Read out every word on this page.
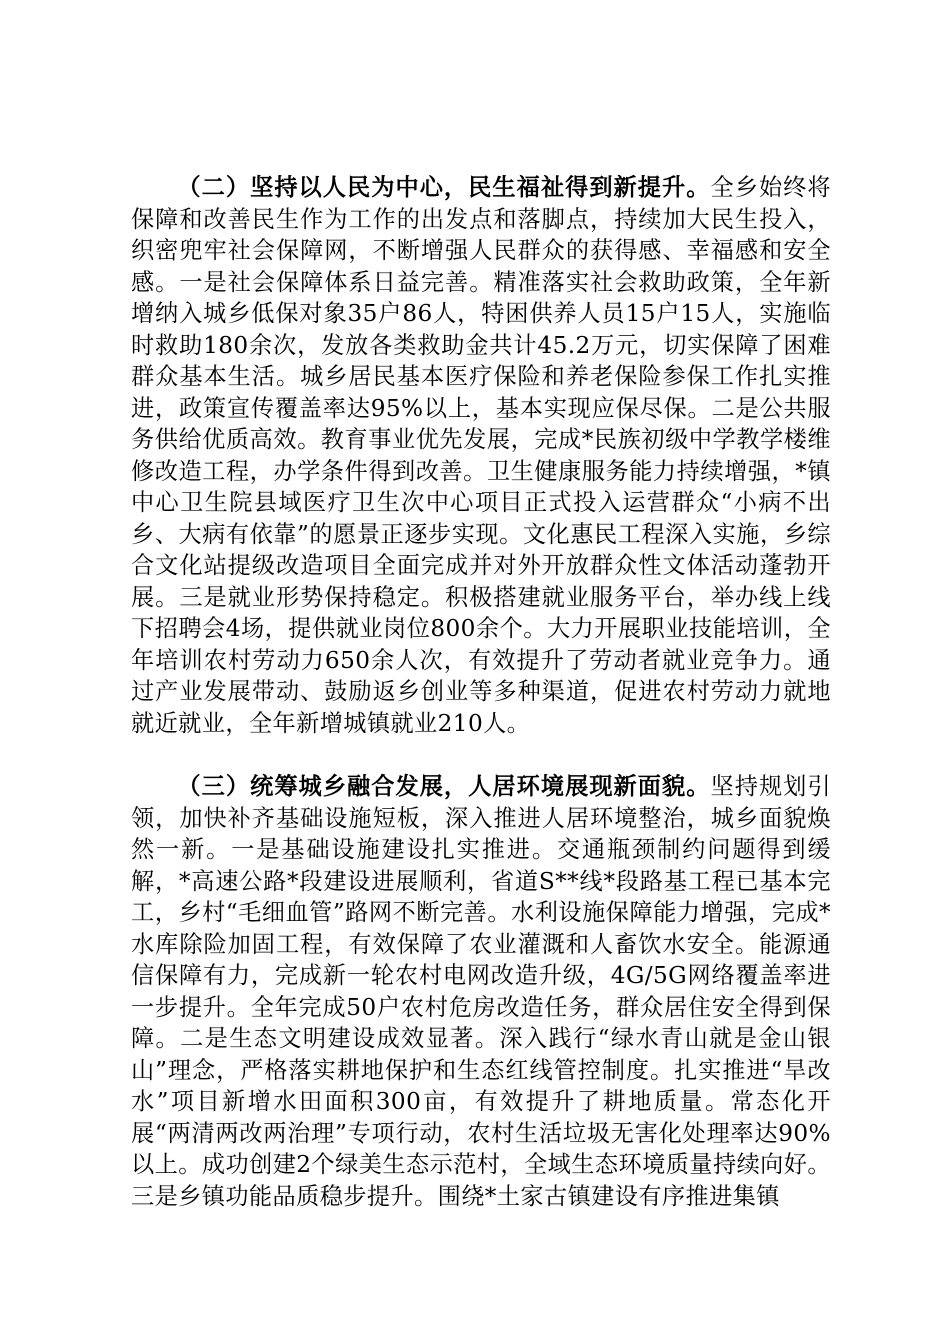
（二）坚持以人民为中心，民生福祉得到新提升。全乡始终将保障和改善民生作为工作的出发点和落脚点，持续加大民生投入，织密兜牢社会保障网，不断增强人民群众的获得感、幸福感和安全感。一是社会保障体系日益完善。精准落实社会救助政策，全年新增纳入城乡低保对象35户86人，特困供养人员15户15人，实施临时救助180余次，发放各类救助金共计45.2万元，切实保障了困难群众基本生活。城乡居民基本医疗保险和养老保险参保工作扎实推进，政策宣传覆盖率达95%以上，基本实现应保尽保。二是公共服务供给优质高效。教育事业优先发展，完成*民族初级中学教学楼维修改造工程，办学条件得到改善。卫生健康服务能力持续增强，*镇中心卫生院县域医疗卫生次中心项目正式投入运营群众“小病不出乡、大病有依靠”的愿景正逐步实现。文化惠民工程深入实施，乡综合文化站提级改造项目全面完成并对外开放群众性文体活动蓬勃开展。三是就业形势保持稳定。积极搭建就业服务平台，举办线上线下招聘会4场，提供就业岗位800余个。大力开展职业技能培训，全年培训农村劳动力650余人次，有效提升了劳动者就业竞争力。通过产业发展带动、鼓励返乡创业等多种渠道，促进农村劳动力就地就近就业，全年新增城镇就业210人。

（三）统筹城乡融合发展，人居环境展现新面貌。坚持规划引领，加快补齐基础设施短板，深入推进人居环境整治，城乡面貌焕然一新。一是基础设施建设扎实推进。交通瓶颈制约问题得到缓解，*高速公路*段建设进展顺利，省道S**线*段路基工程已基本完工，乡村“毛细血管”路网不断完善。水利设施保障能力增强，完成*水库除险加固工程，有效保障了农业灌溉和人畜饮水安全。能源通信保障有力，完成新一轮农村电网改造升级，4G/5G网络覆盖率进一步提升。全年完成50户农村危房改造任务，群众居住安全得到保障。二是生态文明建设成效显著。深入践行“绿水青山就是金山银山”理念，严格落实耕地保护和生态红线管控制度。扎实推进“旱改水”项目新增水田面积300亩，有效提升了耕地质量。常态化开展“两清两改两治理”专项行动，农村生活垃圾无害化处理率达90%以上。成功创建2个绿美生态示范村，全域生态环境质量持续向好。三是乡镇功能品质稳步提升。围绕*土家古镇建设有序推进集镇
